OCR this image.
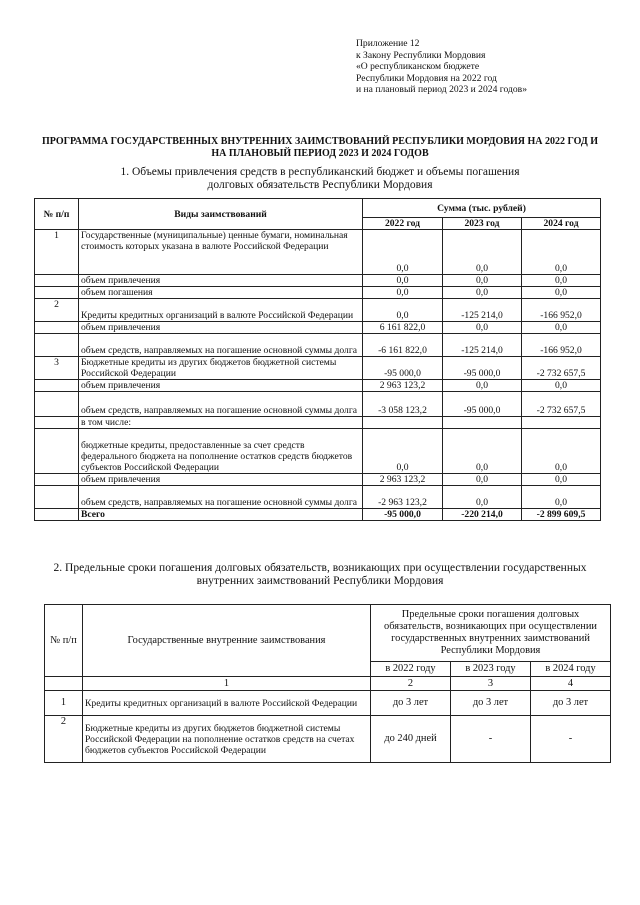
Приложение 12
к Закону Республики Мордовия
«О республиканском бюджете
Республики Мордовия на 2022 год
и на плановый период 2023 и 2024 годов»
ПРОГРАММА ГОСУДАРСТВЕННЫХ ВНУТРЕННИХ ЗАИМСТВОВАНИЙ РЕСПУБЛИКИ МОРДОВИЯ НА 2022 ГОД И
НА ПЛАНОВЫЙ ПЕРИОД 2023 И 2024 ГОДОВ
1. Объемы привлечения средств в республиканский бюджет и объемы погашения
долговых обязательств Республики Мордовия
№ п/п	Виды заимствований	Сумма (тыс. рублей)		
		2022 год	2023 год	2024 год
1	Государственные (муниципальные) ценные бумаги, номинальная стоимость которых указана в валюте Российской Федерации	0,0	0,0	0,0
	объем привлечения	0,0	0,0	0,0
	объем погашения	0,0	0,0	0,0
2	Кредиты кредитных организаций в валюте Российской Федерации	0,0	-125 214,0	-166 952,0
	объем привлечения	6 161 822,0	0,0	0,0
	объем средств, направляемых на погашение основной суммы долга	-6 161 822,0	-125 214,0	-166 952,0
3	Бюджетные кредиты из других бюджетов бюджетной системы Российской Федерации	-95 000,0	-95 000,0	-2 732 657,5
	объем привлечения	2 963 123,2	0,0	0,0
	объем средств, направляемых на погашение основной суммы долга	-3 058 123,2	-95 000,0	-2 732 657,5
	в том числе:			
	бюджетные кредиты, предоставленные за счет средств федерального бюджета на пополнение остатков средств бюджетов субъектов Российской Федерации	0,0	0,0	0,0
	объем привлечения	2 963 123,2	0,0	0,0
	объем средств, направляемых на погашение основной суммы долга	-2 963 123,2	0,0	0,0
	Всего	-95 000,0	-220 214,0	-2 899 609,5
2. Предельные сроки погашения долговых обязательств, возникающих при осуществлении государственных
внутренних заимствований Республики Мордовия
№ п/п	Государственные внутренние заимствования	Предельные сроки погашения долговых обязательств, возникающих при осуществлении государственных внутренних заимствований Республики Мордовия		
		в 2022 году	в 2023 году	в 2024 году
	1	2	3	4
1	Кредиты кредитных организаций в валюте Российской Федерации	до 3 лет	до 3 лет	до 3 лет
2	Бюджетные кредиты из других бюджетов бюджетной системы Российской Федерации на пополнение остатков средств на счетах бюджетов субъектов Российской Федерации	до 240 дней	-	-
